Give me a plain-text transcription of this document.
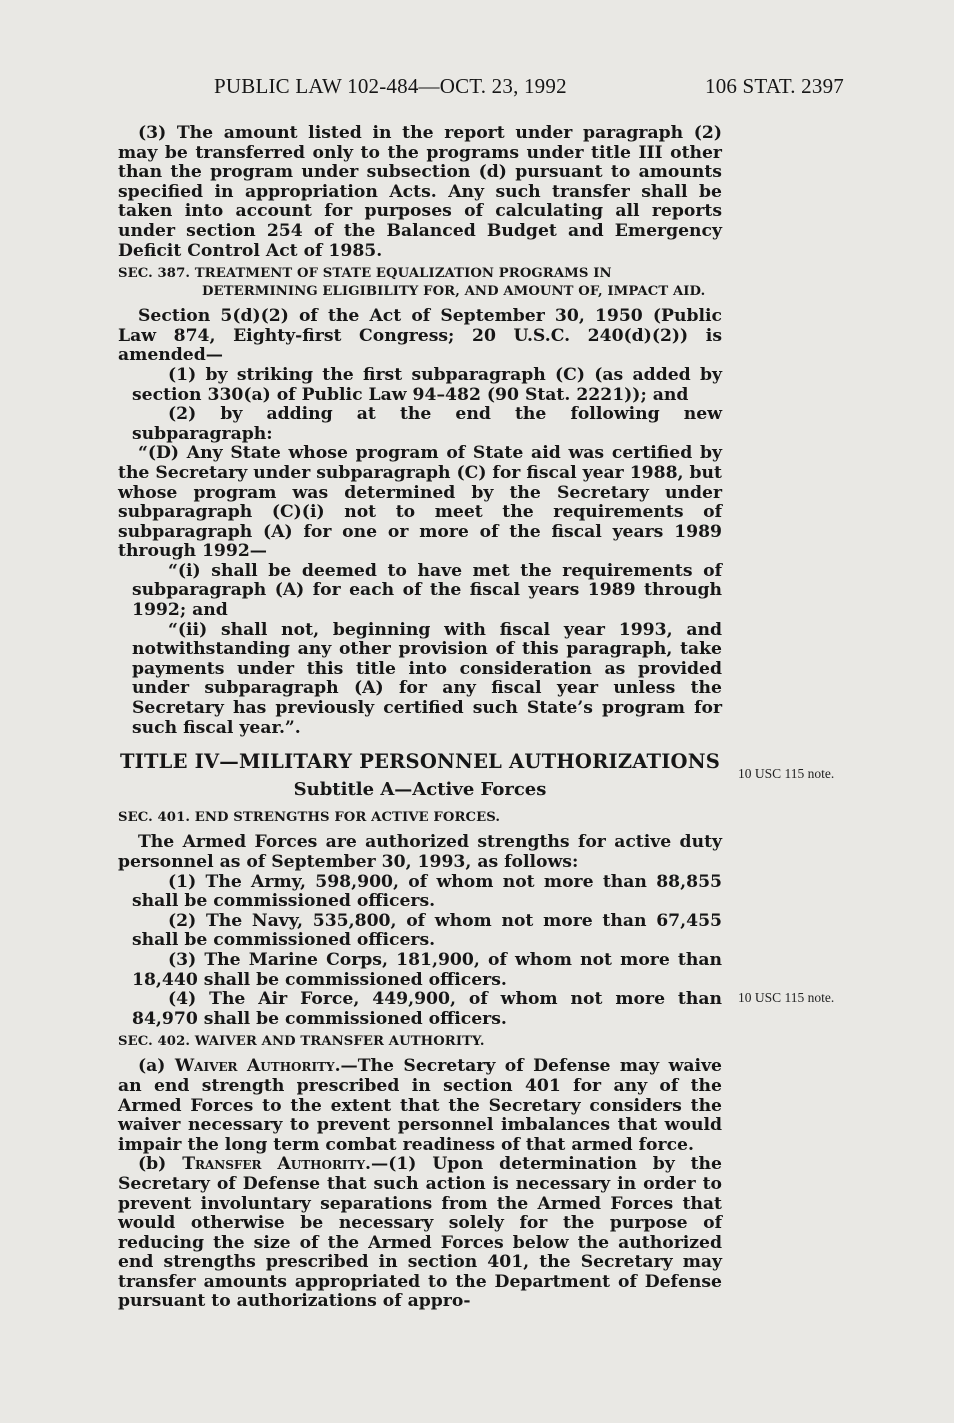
PUBLIC LAW 102-484—OCT. 23, 1992	106 STAT. 2397
10 USC 115 note.
10 USC 115 note.

(3) The amount listed in the report under paragraph (2) may be transferred only to the programs under title III other than the program under subsection (d) pursuant to amounts specified in appropriation Acts. Any such transfer shall be taken into account for purposes of calculating all reports under section 254 of the Balanced Budget and Emergency Deficit Control Act of 1985.

SEC. 387. TREATMENT OF STATE EQUALIZATION PROGRAMS IN DETERMINING ELIGIBILITY FOR, AND AMOUNT OF, IMPACT AID.

Section 5(d)(2) of the Act of September 30, 1950 (Public Law 874, Eighty-first Congress; 20 U.S.C. 240(d)(2)) is amended—

(1) by striking the first subparagraph (C) (as added by section 330(a) of Public Law 94–482 (90 Stat. 2221)); and

(2) by adding at the end the following new subparagraph:

“(D) Any State whose program of State aid was certified by the Secretary under subparagraph (C) for fiscal year 1988, but whose program was determined by the Secretary under subparagraph (C)(i) not to meet the requirements of subparagraph (A) for one or more of the fiscal years 1989 through 1992—

“(i) shall be deemed to have met the requirements of subparagraph (A) for each of the fiscal years 1989 through 1992; and

“(ii) shall not, beginning with fiscal year 1993, and notwithstanding any other provision of this paragraph, take payments under this title into consideration as provided under subparagraph (A) for any fiscal year unless the Secretary has previously certified such State’s program for such fiscal year.”.

TITLE IV—MILITARY PERSONNEL AUTHORIZATIONS

Subtitle A—Active Forces

SEC. 401. END STRENGTHS FOR ACTIVE FORCES.

The Armed Forces are authorized strengths for active duty personnel as of September 30, 1993, as follows:

(1) The Army, 598,900, of whom not more than 88,855 shall be commissioned officers.

(2) The Navy, 535,800, of whom not more than 67,455 shall be commissioned officers.

(3) The Marine Corps, 181,900, of whom not more than 18,440 shall be commissioned officers.

(4) The Air Force, 449,900, of whom not more than 84,970 shall be commissioned officers.

SEC. 402. WAIVER AND TRANSFER AUTHORITY.

(a) Waiver Authority.—The Secretary of Defense may waive an end strength prescribed in section 401 for any of the Armed Forces to the extent that the Secretary considers the waiver necessary to prevent personnel imbalances that would impair the long term combat readiness of that armed force.

(b) Transfer Authority.—(1) Upon determination by the Secretary of Defense that such action is necessary in order to prevent involuntary separations from the Armed Forces that would otherwise be necessary solely for the purpose of reducing the size of the Armed Forces below the authorized end strengths prescribed in section 401, the Secretary may transfer amounts appropriated to the Department of Defense pursuant to authorizations of appro-
